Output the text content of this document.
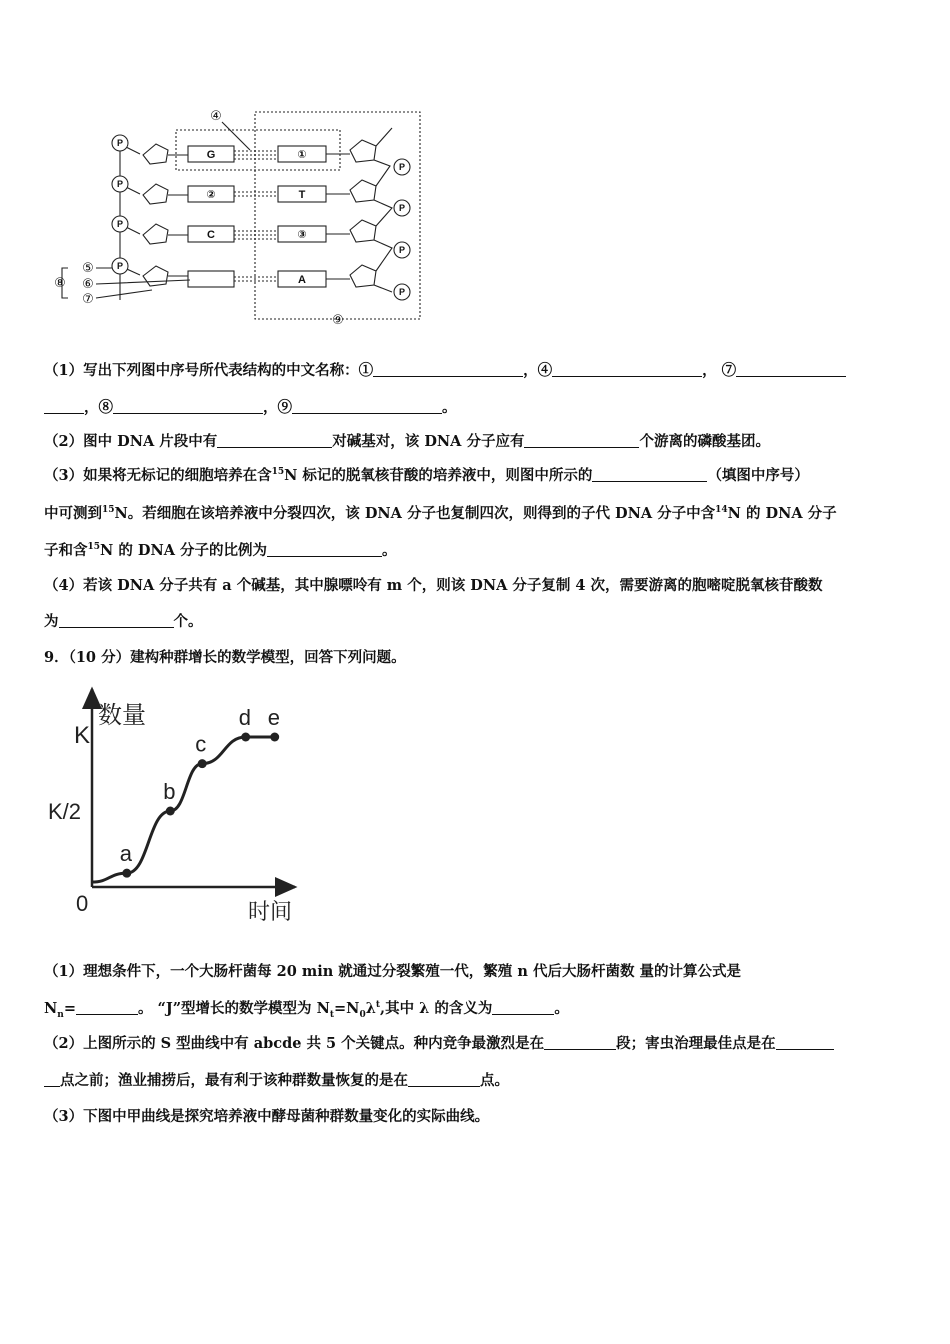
P
P
P
P
P
P
P
P
G
②
C
①
T
③
A
④
⑤
⑥
⑦
⑧
⑨
（1）写出下列图中序号所代表结构的中文名称：①	，④	， ⑦
，⑧	，⑨	。
（2）图中 DNA 片段中有	对碱基对，该 DNA 分子应有	个游离的磷酸基团。
（3）如果将无标记的细胞培养在含$^{15}$N 标记的脱氧核苷酸的培养液中，则图中所示的	（填图中序号）
中可测到$^{15}$N。若细胞在该培养液中分裂四次，该 DNA 分子也复制四次，则得到的子代 DNA 分子中含$^{14}$N 的 DNA 分子
子和含$^{15}$N 的 DNA 分子的比例为	。
（4）若该 DNA 分子共有 a 个碱基，其中腺嘌呤有 m 个，则该 DNA 分子复制 4 次，需要游离的胞嘧啶脱氧核苷酸数
为	个。
9．（10 分）建构种群增长的数学模型，回答下列问题。
数量
时间
0
K
K/2
a
b
c
d e
（1）理想条件下，一个大肠杆菌每 20 min 就通过分裂繁殖一代，繁殖 n 代后大肠杆菌数 量的计算公式是
$N_n=$	。 “J”型增长的数学模型为 $N_t=N_0\lambda^t$,其中 λ 的含义为	。
（2）上图所示的 S 型曲线中有 abcde 共 5 个关键点。种内竞争最激烈是在	段；害虫治理最佳点是在
点之前；渔业捕捞后，最有利于该种群数量恢复的是在	点。
（3）下图中甲曲线是探究培养液中酵母菌种群数量变化的实际曲线。
